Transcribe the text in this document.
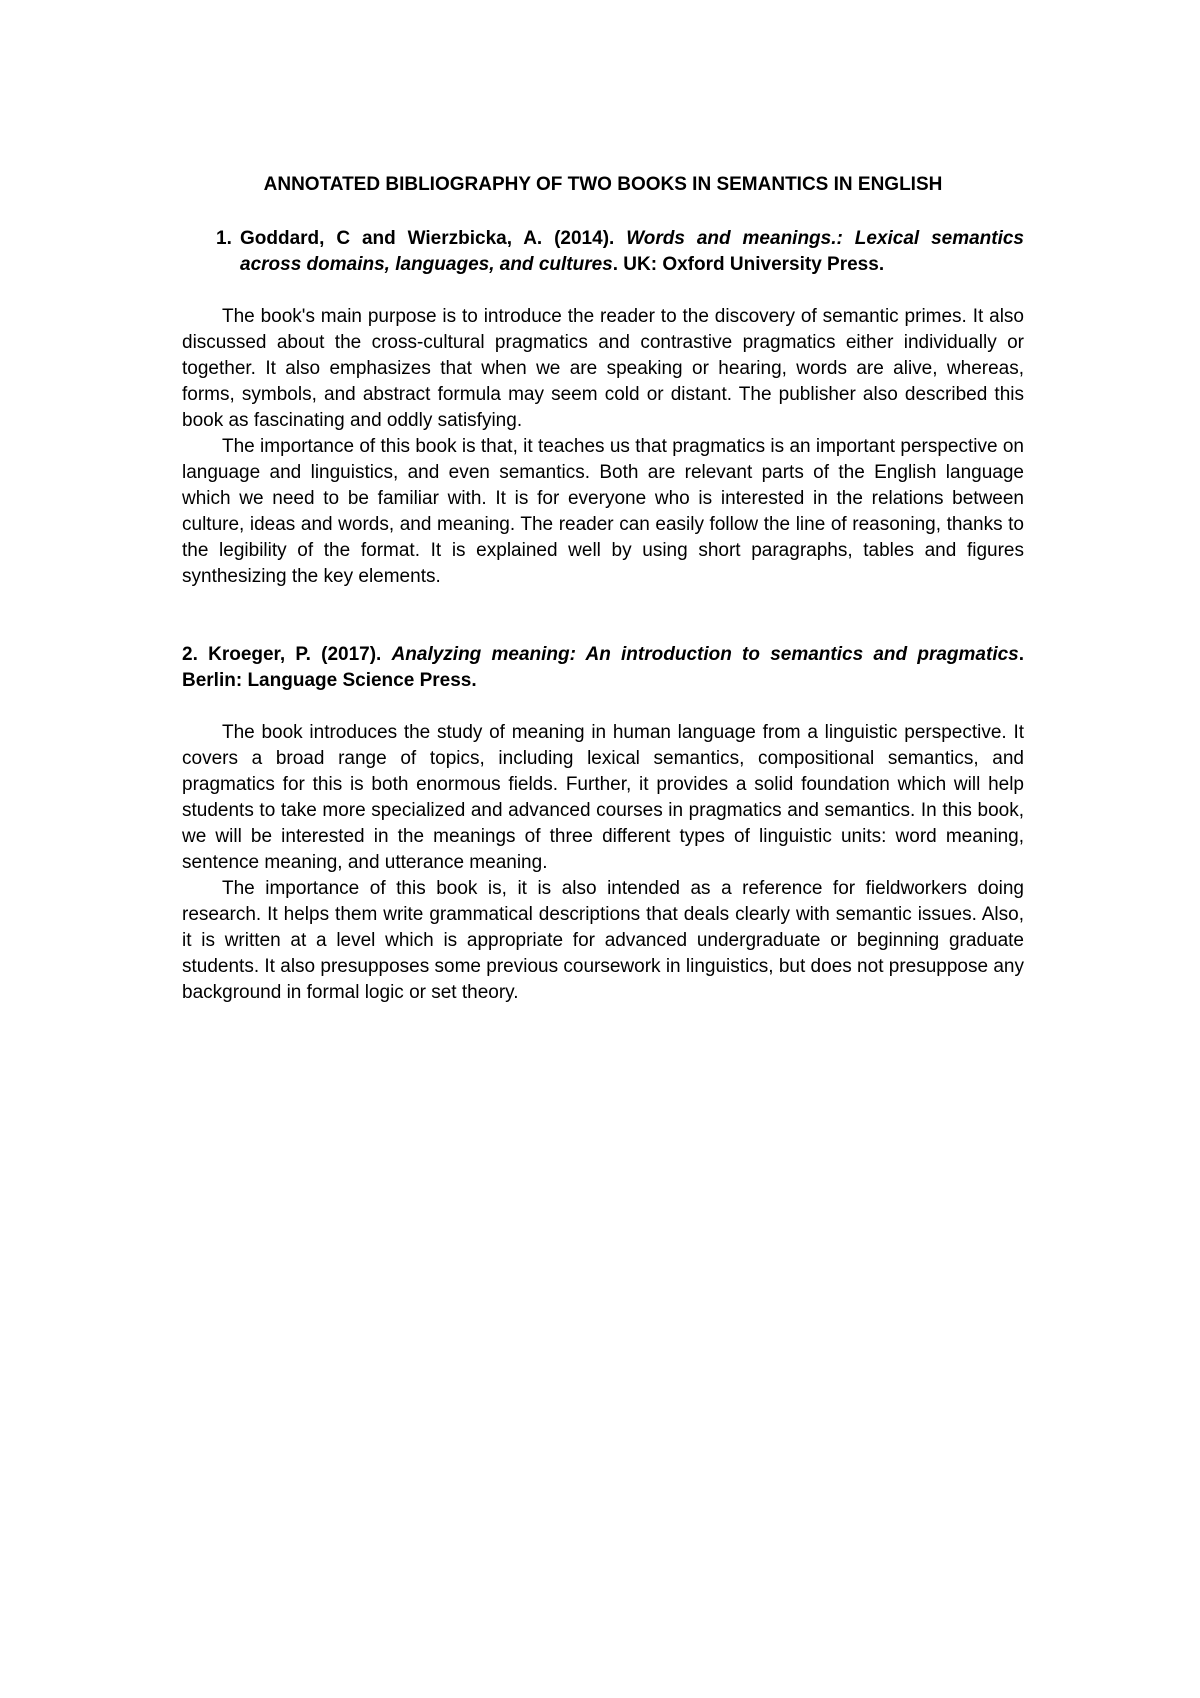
ANNOTATED BIBLIOGRAPHY OF TWO BOOKS IN SEMANTICS IN ENGLISH
1. Goddard, C and Wierzbicka, A. (2014). Words and meanings.: Lexical semantics across domains, languages, and cultures. UK: Oxford University Press.

The book's main purpose is to introduce the reader to the discovery of semantic primes. It also discussed about the cross-cultural pragmatics and contrastive pragmatics either individually or together. It also emphasizes that when we are speaking or hearing, words are alive, whereas, forms, symbols, and abstract formula may seem cold or distant. The publisher also described this book as fascinating and oddly satisfying.

The importance of this book is that, it teaches us that pragmatics is an important perspective on language and linguistics, and even semantics. Both are relevant parts of the English language which we need to be familiar with. It is for everyone who is interested in the relations between culture, ideas and words, and meaning. The reader can easily follow the line of reasoning, thanks to the legibility of the format. It is explained well by using short paragraphs, tables and figures synthesizing the key elements.

2. Kroeger, P. (2017). Analyzing meaning: An introduction to semantics and pragmatics. Berlin: Language Science Press.

The book introduces the study of meaning in human language from a linguistic perspective. It covers a broad range of topics, including lexical semantics, compositional semantics, and pragmatics for this is both enormous fields. Further, it provides a solid foundation which will help students to take more specialized and advanced courses in pragmatics and semantics. In this book, we will be interested in the meanings of three different types of linguistic units: word meaning, sentence meaning, and utterance meaning.

The importance of this book is, it is also intended as a reference for fieldworkers doing research. It helps them write grammatical descriptions that deals clearly with semantic issues. Also, it is written at a level which is appropriate for advanced undergraduate or beginning graduate students. It also presupposes some previous coursework in linguistics, but does not presuppose any background in formal logic or set theory.
